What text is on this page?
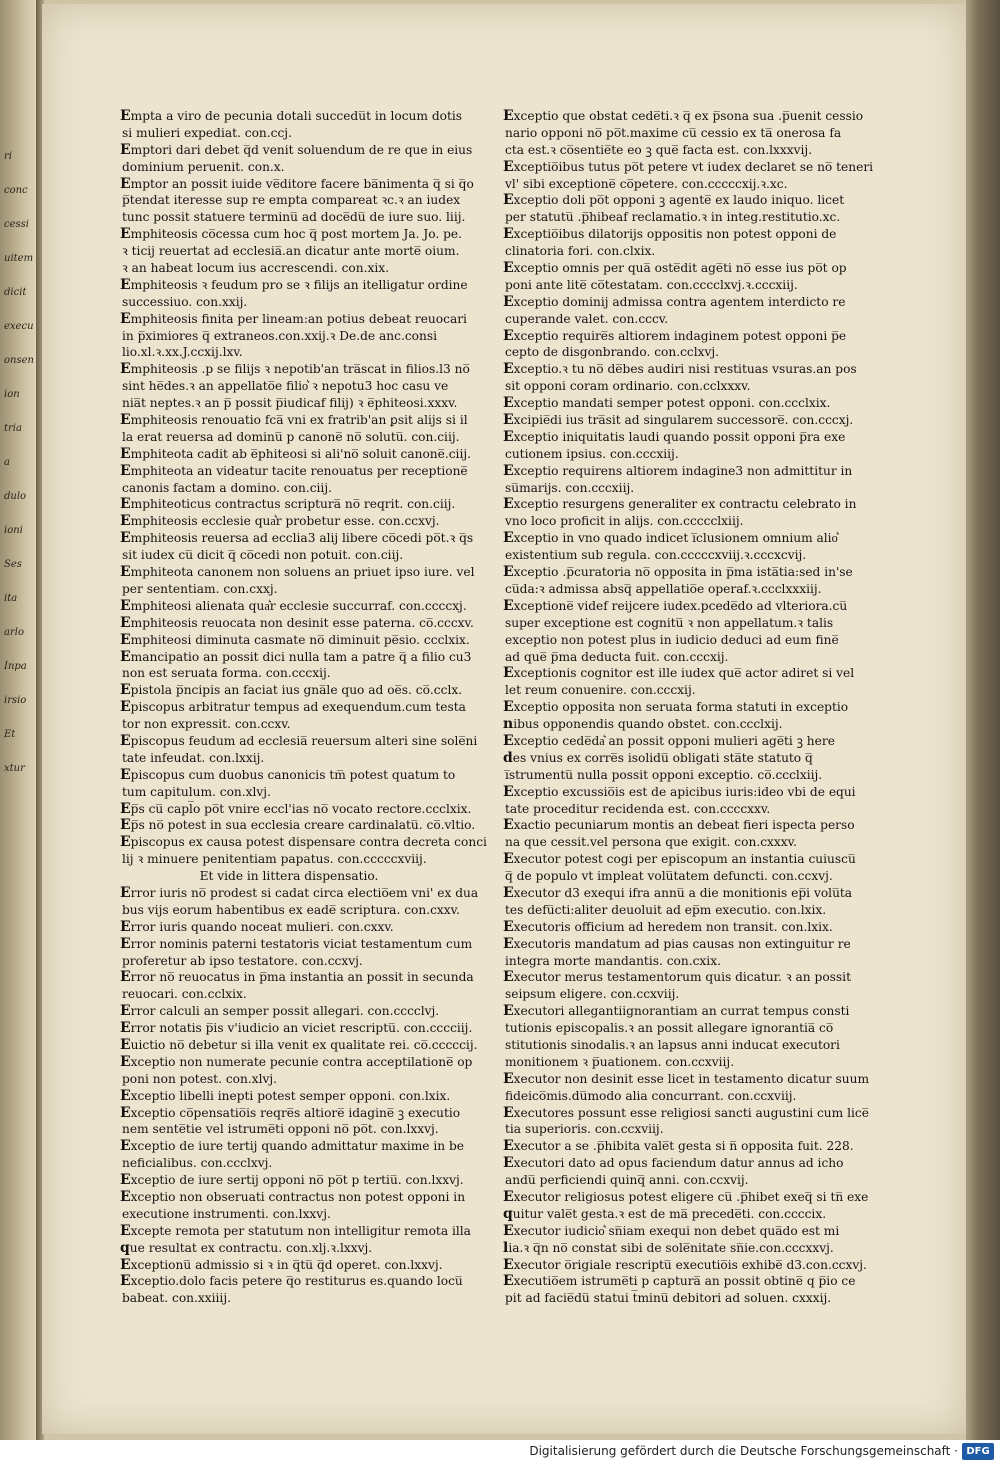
ri
conc
cessi
uitem
dicit
execu
onsen
ion
tria
a
dulo
ioni
Ses
ita
arlo
Inpa
irsio
Et
xtur
Empta a viro de pecunia dotali succedu̅t in locum dotis
si mulieri expediat. con.ccj.
Emptori dari debet q̅d venit soluendum de re que in eius
dominium peruenit. con.x.
Emptor an possit iuide ve̅ditore facere ba̅nimenta q̅ si q̅o
p̅tendat iteresse sup re empta compareat ꝛc.ꝛ an iudex
tunc possit statuere terminu̅ ad doce̅du̅ de iure suo. liij.
Emphiteosis co̅cessa cum hoc q̅ post mortem Ja. Jo. pe.
ꝛ ticij reuertat ad ecclesia̅.an dicatur ante morte̅ oium.
ꝛ an habeat locum ius accrescendi. con.xix.
Emphiteosis ꝛ feudum pro se ꝛ filijs an itelligatur ordine
successiuo. con.xxij.
Emphiteosis finita per lineam:an potius debeat reuocari
in p̅ximiores q̅ extraneos.con.xxij.ꝛ De.de anc.consi
lio.xl.ꝛ.xx.J.ccxij.lxv.
Emphiteosis .p se filijs ꝛ nepotib'an tra̅scat in filios.l3 no̅
sint he̅des.ꝛ an appellato̅e filio͛ ꝛ nepotu3 hoc casu ve
nia̅t neptes.ꝛ an p̅ possit p̅iudicaf filij) ꝛ e̅phiteosi.xxxv.
Emphiteosis renouatio fca̅ vni ex fratrib'an ꝑsit alijs si il
la erat reuersa ad dominu̅ p canone̅ no̅ solutu̅. con.ciij.
Emphiteota cadit ab e̅phiteosi si ali'no̅ soluit canone̅.ciij.
Emphiteota an videatur tacite renouatus per receptione̅
canonis factam a domino. con.ciij.
Emphiteoticus contractus scriptura̅ no̅ reqrit. con.ciij.
Emphiteosis ecclesie qua͛r probetur esse. con.ccxvj.
Emphiteosis reuersa ad ecclia3 alij libere co̅cedi po̅t.ꝛ q̅s
sit iudex cu̅ dicit q̅ co̅cedi non potuit. con.ciij.
Emphiteota canonem non soluens an priuet ipso iure. vel
per sententiam. con.cxxj.
Emphiteosi alienata qua͛r ecclesie succurraf. con.ccccxj.
Emphiteosis reuocata non desinit esse paterna. co̅.cccxv.
Emphiteosi diminuta casmate no̅ diminuit pe̅sio. ccclxix.
Emancipatio an possit dici nulla tam a patre q̅ a filio cu3
non est seruata forma. con.cccxij.
Epistola p̅ncipis an faciat ius gna̅le quo ad oe̅s. co̅.cclx.
Episcopus arbitratur tempus ad exequendum.cum testa
tor non expressit. con.ccxv.
Episcopus feudum ad ecclesia̅ reuersum alteri sine sole̅ni
tate infeudat. con.lxxij.
Episcopus cum duobus canonicis tm̅ potest quatum to
tum capitulum. con.xlvj.
Ep̅s cu̅ capl̅o po̅t vnire eccl'ias no̅ vocato rectore.ccclxix.
Ep̅s no̅ potest in sua ecclesia creare cardinalatu̅. co̅.vltio.
Episcopus ex causa potest dispensare contra decreta conci
lij ꝛ minuere penitentiam papatus. con.cccccxviij.
Et vide in littera dispensatio.
Error iuris no̅ prodest si cadat circa electio̅em vni' ex dua
bus vijs eorum habentibus ex eade̅ scriptura. con.cxxv.
Error iuris quando noceat mulieri. con.cxxv.
Error nominis paterni testatoris viciat testamentum cum
proferetur ab ipso testatore. con.ccxvj.
Error no̅ reuocatus in p̅ma instantia an possit in secunda
reuocari. con.cclxix.
Error calculi an semper possit allegari. con.cccclvj.
Error notatis p̅is v'iudicio an viciet rescriptu̅. con.cccciij.
Euictio no̅ debetur si illa venit ex qualitate rei. co̅.cccccij.
Exceptio non numerate pecunie contra acceptilatione̅ op
poni non potest. con.xlvj.
Exceptio libelli inepti potest semper opponi. con.lxix.
Exceptio co̅pensatio̅is reqre̅s altiore̅ idagine̅ ꝫ executio
nem sente̅tie vel istrume̅ti opponi no̅ po̅t. con.lxxvj.
Exceptio de iure tertij quando admittatur maxime in be
neficialibus. con.ccclxvj.
Exceptio de iure sertij opponi no̅ po̅t p tertiu̅. con.lxxvj.
Exceptio non obseruati contractus non potest opponi in
executione instrumenti. con.lxxvj.
Excepte remota per statutum non intelligitur remota illa
que resultat ex contractu. con.xlj.ꝛ.lxxvj.
Exceptionu̅ admissio si ꝛ in q̅tu̅ q̅d operet. con.lxxvj.
Exceptio.dolo facis petere q̅o restiturus es.quando locu̅
babeat. con.xxiiij.
Exceptio que obstat cede̅ti.ꝛ q̅ ex p̅sona sua .p̅uenit cessio
nario opponi no̅ po̅t.maxime cu̅ cessio ex ta̅ onerosa fa
cta est.ꝛ co̅sentie̅te eo ꝫ que̅ facta est. con.lxxxvij.
Exceptio̅ibus tutus po̅t petere vt iudex declaret se no̅ teneri
vl' sibi exceptione̅ co̅petere. con.cccccxij.ꝛ.xc.
Exceptio doli po̅t opponi ꝫ agente̅ ex laudo iniquo. licet
per statutu̅ .p̅hibeaf reclamatio.ꝛ in integ.restitutio.xc.
Exceptio̅ibus dilatorijs oppositis non potest opponi de
clinatoria fori. con.clxix.
Exceptio omnis per qua̅ oste̅dit age̅ti no̅ esse ius po̅t op
poni ante lite̅ co̅testatam. con.cccclxvj.ꝛ.cccxiij.
Exceptio dominij admissa contra agentem interdicto re
cuperande valet. con.cccv.
Exceptio require̅s altiorem indaginem potest opponi p̅e
cepto de disgonbrando. con.cclxvj.
Exceptio.ꝛ tu no̅ de̅bes audiri nisi restituas vsuras.an pos
sit opponi coram ordinario. con.cclxxxv.
Exceptio mandati semper potest opponi. con.ccclxix.
Excipie̅di ius tra̅sit ad singularem successore̅. con.cccxj.
Exceptio iniquitatis laudi quando possit opponi p̅ra exe
cutionem ipsius. con.cccxiij.
Exceptio requirens altiorem indagine3 non admittitur in
su̅marijs. con.cccxiij.
Exceptio resurgens generaliter ex contractu celebrato in
vno loco proficit in alijs. con.ccccclxiij.
Exceptio in vno quado indicet i̅clusionem omnium alio͛
existentium sub regula. con.cccccxviij.ꝛ.cccxcvij.
Exceptio .p̅curatoria no̅ opposita in p̅ma ista̅tia:sed in'se
cu̅da:ꝛ admissa absq̅ appellatio̅e operaf.ꝛ.ccclxxxiij.
Exceptione̅ videf reijcere iudex.pcede̅do ad vlteriora.cu̅
super exceptione est cognitu̅ ꝛ non appellatum.ꝛ talis
exceptio non potest plus in iudicio deduci ad eum fine̅
ad que̅ p̅ma deducta fuit. con.cccxij.
Exceptionis cognitor est ille iudex que̅ actor adiret si vel
let reum conuenire. con.cccxij.
Exceptio opposita non seruata forma statuti in exceptio
nibus opponendis quando obstet. con.ccclxij.
Exceptio cede̅da͛ an possit opponi mulieri age̅ti ꝫ here
des vnius ex corre̅s isolidu̅ obligati sta̅te statuto q̅
i̅strumentu̅ nulla possit opponi exceptio. co̅.ccclxiij.
Exceptio excussio̅is est de apicibus iuris:ideo vbi de equi
tate proceditur recidenda est. con.ccccxxv.
Exactio pecuniarum montis an debeat fieri ispecta perso
na que cessit.vel persona que exigit. con.cxxxv.
Executor potest cogi per episcopum an instantia cuiuscu̅
q̅ de populo vt impleat volu̅tatem defuncti. con.ccxvj.
Executor d3 exequi ifra annu̅ a die monitionis ep̅i volu̅ta
tes defu̅cti:aliter deuoluit ad ep̅m executio. con.lxix.
Executoris officium ad heredem non transit. con.lxix.
Executoris mandatum ad pias causas non extinguitur re
integra morte mandantis. con.cxix.
Executor merus testamentorum quis dicatur. ꝛ an possit
seipsum eligere. con.ccxviij.
Executori allegantiignorantiam an currat tempus consti
tutionis episcopalis.ꝛ an possit allegare ignorantia̅ co̅
stitutionis sinodalis.ꝛ an lapsus anni inducat executori
monitionem ꝛ p̅uationem. con.ccxviij.
Executor non desinit esse licet in testamento dicatur suum
fideico̅mis.du̅modo alia concurrant. con.ccxviij.
Executores possunt esse religiosi sancti augustini cum lice̅
tia superioris. con.ccxviij.
Executor a se .p̅hibita vale̅t gesta si n̅ opposita fuit. 228.
Executori dato ad opus faciendum datur annus ad icho
andu̅ perficiendi quinq̅ anni. con.ccxvij.
Executor religiosus potest eligere cu̅ .p̅hibet exeq̅ si tn̅ exe
quitur vale̅t gesta.ꝛ est de ma̅ precede̅ti. con.ccccix.
Executor iudicio͛ sn̅iam exequi non debet qua̅do est mi
lia.ꝛ q̅n no̅ constat sibi de sole̅nitate sn̅ie.con.cccxxvj.
Executor o̅rigiale rescriptu̅ executio̅is exhibe̅ d3.con.ccxvj.
Executio̅em istrume̅ti p captura̅ an possit obtine̅ q p̅io ce
pit ad facie̅du̅ statui t̅minu̅ debitori ad soluen. cxxxij.
Digitalisierung gefördert durch die Deutsche Forschungsgemeinschaft · DFG
